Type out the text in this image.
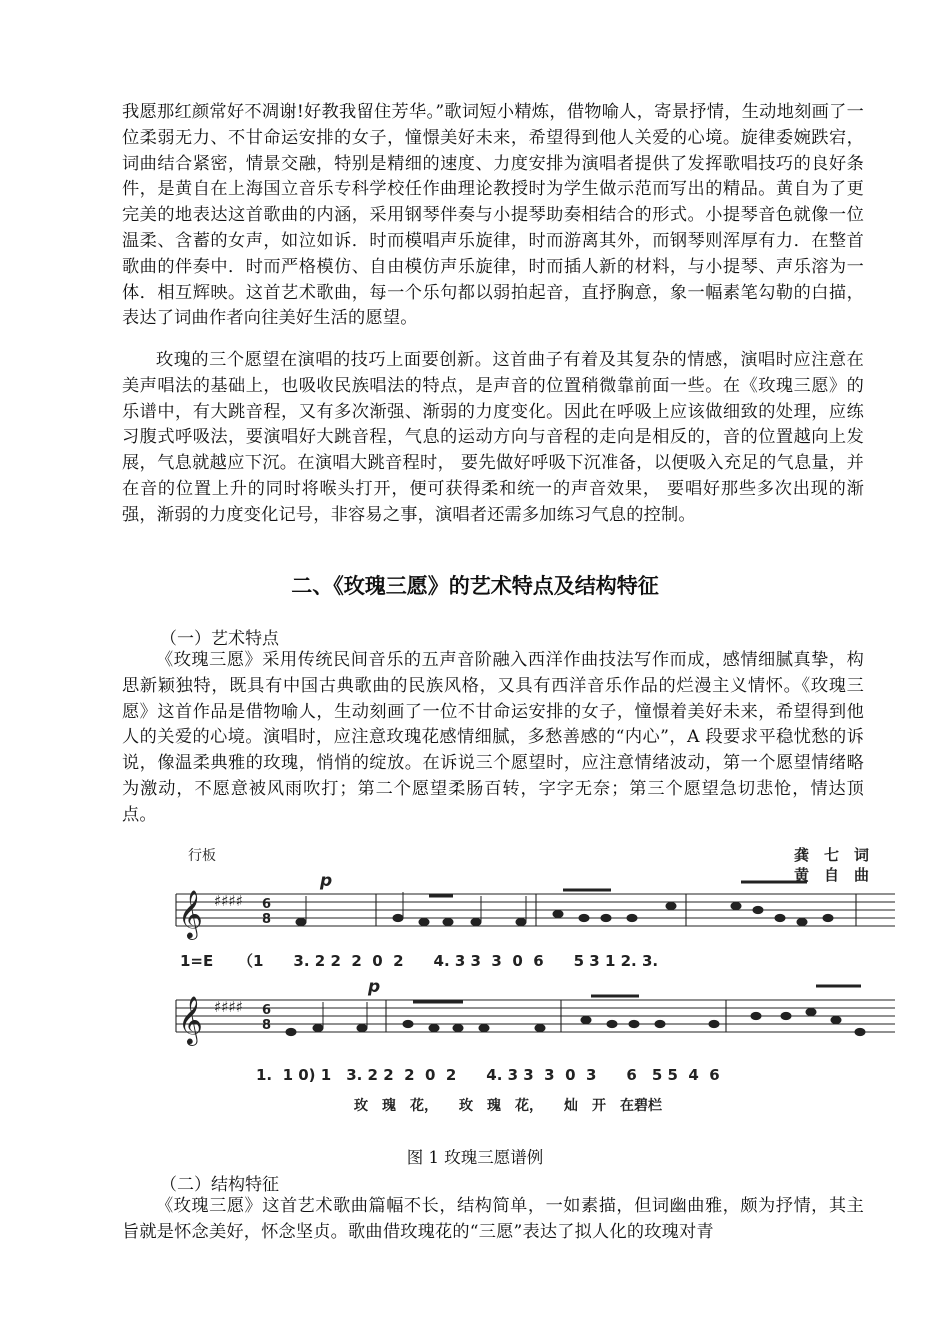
我愿那红颜常好不凋谢!好教我留住芳华。”歌词短小精炼，借物喻人，寄景抒情，生动地刻画了一位柔弱无力、不甘命运安排的女子，憧憬美好未来，希望得到他人关爱的心境。旋律委婉跌宕，词曲结合紧密，情景交融，特别是精细的速度、力度安排为演唱者提供了发挥歌唱技巧的良好条件，是黄自在上海国立音乐专科学校任作曲理论教授时为学生做示范而写出的精品。黄自为了更完美的地表达这首歌曲的内涵，采用钢琴伴奏与小提琴助奏相结合的形式。小提琴音色就像一位温柔、含蓄的女声，如泣如诉．时而模唱声乐旋律，时而游离其外，而钢琴则浑厚有力．在整首歌曲的伴奏中．时而严格模仿、自由模仿声乐旋律，时而插人新的材料，与小提琴、声乐溶为一体．相互辉映。这首艺术歌曲，每一个乐句都以弱拍起音，直抒胸意，象一幅素笔勾勒的白描，表达了词曲作者向往美好生活的愿望。

玫瑰的三个愿望在演唱的技巧上面要创新。这首曲子有着及其复杂的情感，演唱时应注意在美声唱法的基础上，也吸收民族唱法的特点，是声音的位置稍微靠前面一些。在《玫瑰三愿》的乐谱中，有大跳音程，又有多次渐强、渐弱的力度变化。因此在呼吸上应该做细致的处理，应练习腹式呼吸法，要演唱好大跳音程，气息的运动方向与音程的走向是相反的，音的位置越向上发展，气息就越应下沉。在演唱大跳音程时， 要先做好呼吸下沉准备，以便吸入充足的气息量，并在音的位置上升的同时将喉头打开，便可获得柔和统一的声音效果， 要唱好那些多次出现的渐强，渐弱的力度变化记号，非容易之事，演唱者还需多加练习气息的控制。

二、《玫瑰三愿》的艺术特点及结构特征

（一）艺术特点

《玫瑰三愿》采用传统民间音乐的五声音阶融入西洋作曲技法写作而成，感情细腻真挚，构思新颖独特，既具有中国古典歌曲的民族风格，又具有西洋音乐作品的烂漫主义情怀。《玫瑰三愿》这首作品是借物喻人，生动刻画了一位不甘命运安排的女子，憧憬着美好未来，希望得到他人的关爱的心境。演唱时，应注意玫瑰花感情细腻，多愁善感的“内心”，A 段要求平稳忧愁的诉说，像温柔典雅的玫瑰，悄悄的绽放。在诉说三个愿望时，应注意情绪波动，第一个愿望情绪略为激动，不愿意被风雨吹打；第二个愿望柔肠百转，字字无奈；第三个愿望急切悲怆，情达顶点。

行板	龚　七　词
黄　自　曲
𝄞 ♯♯♯♯ 6
8
p
1=E （1　　3. 2 2  2  0  2　　4. 3 3  3  0  6　　5 3 1 2. 3.
𝄞 ♯♯♯♯ 6
8
p
1.  1 0) 1　3. 2 2  2  0  2　　4. 3 3  3  0  3　　6　5 5  4  6
玫　瑰　花，　　玫　瑰　花，　　灿　开　在碧栏

图 1 玫瑰三愿谱例

（二）结构特征

《玫瑰三愿》这首艺术歌曲篇幅不长，结构简单，一如素描，但词幽曲雅，颇为抒情，其主旨就是怀念美好，怀念坚贞。歌曲借玫瑰花的“三愿”表达了拟人化的玫瑰对青
